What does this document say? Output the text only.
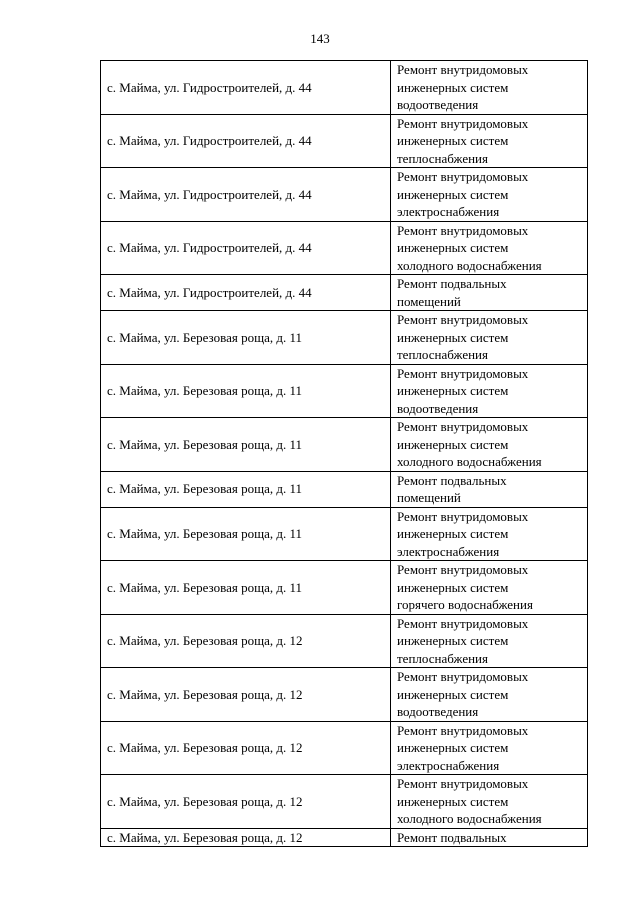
143
с. Майма, ул. Гидростроителей, д. 44	Ремонт внутридомовых
инженерных систем
водоотведения
с. Майма, ул. Гидростроителей, д. 44	Ремонт внутридомовых
инженерных систем
теплоснабжения
с. Майма, ул. Гидростроителей, д. 44	Ремонт внутридомовых
инженерных систем
электроснабжения
с. Майма, ул. Гидростроителей, д. 44	Ремонт внутридомовых
инженерных систем
холодного водоснабжения
с. Майма, ул. Гидростроителей, д. 44	Ремонт подвальных
помещений
с. Майма, ул. Березовая роща, д. 11	Ремонт внутридомовых
инженерных систем
теплоснабжения
с. Майма, ул. Березовая роща, д. 11	Ремонт внутридомовых
инженерных систем
водоотведения
с. Майма, ул. Березовая роща, д. 11	Ремонт внутридомовых
инженерных систем
холодного водоснабжения
с. Майма, ул. Березовая роща, д. 11	Ремонт подвальных
помещений
с. Майма, ул. Березовая роща, д. 11	Ремонт внутридомовых
инженерных систем
электроснабжения
с. Майма, ул. Березовая роща, д. 11	Ремонт внутридомовых
инженерных систем
горячего водоснабжения
с. Майма, ул. Березовая роща, д. 12	Ремонт внутридомовых
инженерных систем
теплоснабжения
с. Майма, ул. Березовая роща, д. 12	Ремонт внутридомовых
инженерных систем
водоотведения
с. Майма, ул. Березовая роща, д. 12	Ремонт внутридомовых
инженерных систем
электроснабжения
с. Майма, ул. Березовая роща, д. 12	Ремонт внутридомовых
инженерных систем
холодного водоснабжения
с. Майма, ул. Березовая роща, д. 12	Ремонт подвальных
